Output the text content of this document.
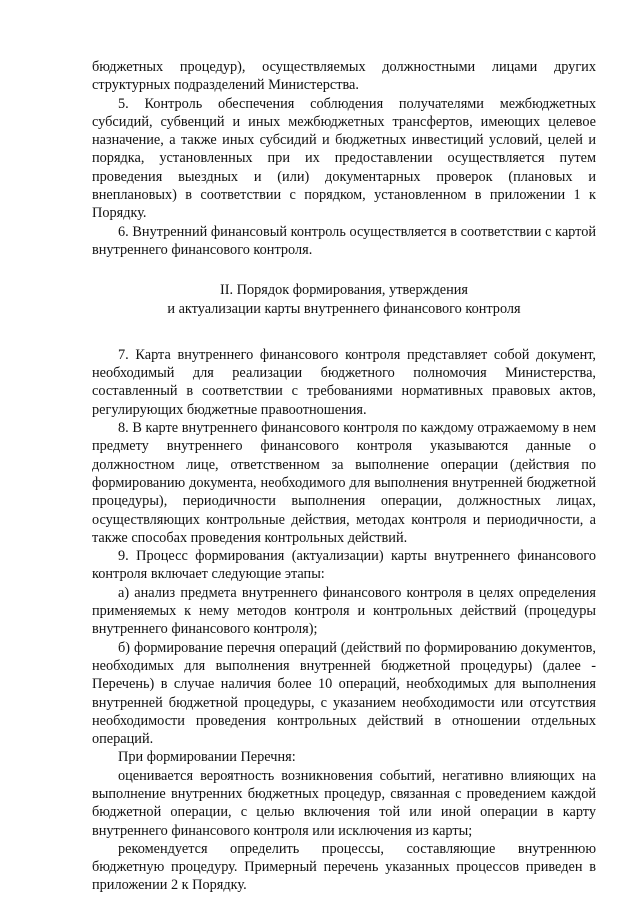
бюджетных процедур), осуществляемых должностными лицами других структурных подразделений Министерства.

5. Контроль обеспечения соблюдения получателями межбюджетных субсидий, субвенций и иных межбюджетных трансфертов, имеющих целевое назначение, а также иных субсидий и бюджетных инвестиций условий, целей и порядка, установленных при их предоставлении осуществляется путем проведения выездных и (или) документарных проверок (плановых и внеплановых) в соответствии с порядком, установленном в приложении 1 к Порядку.

6. Внутренний финансовый контроль осуществляется в соответствии с картой внутреннего финансового контроля.

II. Порядок формирования, утверждения
и актуализации карты внутреннего финансового контроля

7. Карта внутреннего финансового контроля представляет собой документ, необходимый для реализации бюджетного полномочия Министерства, составленный в соответствии с требованиями нормативных правовых актов, регулирующих бюджетные правоотношения.

8. В карте внутреннего финансового контроля по каждому отражаемому в нем предмету внутреннего финансового контроля указываются данные о должностном лице, ответственном за выполнение операции (действия по формированию документа, необходимого для выполнения внутренней бюджетной процедуры), периодичности выполнения операции, должностных лицах, осуществляющих контрольные действия, методах контроля и периодичности, а также способах проведения контрольных действий.

9. Процесс формирования (актуализации) карты внутреннего финансового контроля включает следующие этапы:

а) анализ предмета внутреннего финансового контроля в целях определения применяемых к нему методов контроля и контрольных действий (процедуры внутреннего финансового контроля);

б) формирование перечня операций (действий по формированию документов, необходимых для выполнения внутренней бюджетной процедуры) (далее - Перечень) в случае наличия более 10 операций, необходимых для выполнения внутренней бюджетной процедуры, с указанием необходимости или отсутствия необходимости проведения контрольных действий в отношении отдельных операций.

При формировании Перечня:

оценивается вероятность возникновения событий, негативно влияющих на выполнение внутренних бюджетных процедур, связанная с проведением каждой бюджетной операции, с целью включения той или иной операции в карту внутреннего финансового контроля или исключения из карты;

рекомендуется определить процессы, составляющие внутреннюю бюджетную процедуру. Примерный перечень указанных процессов приведен в приложении 2 к Порядку.
